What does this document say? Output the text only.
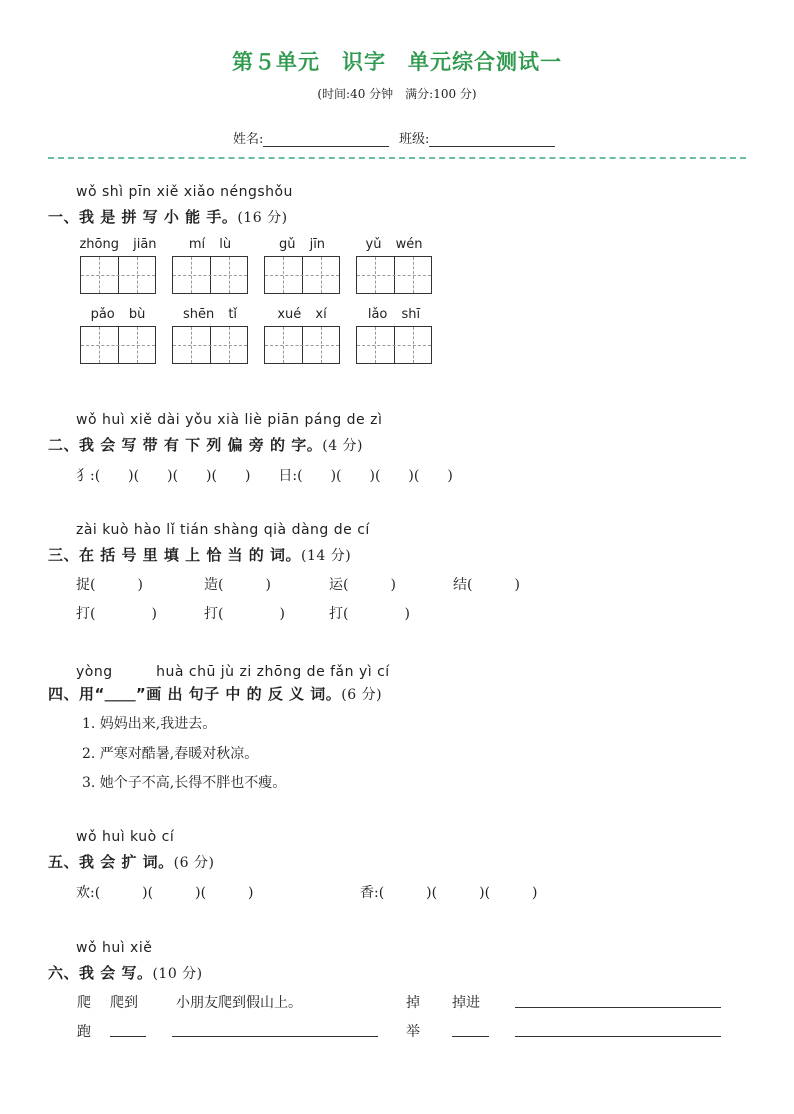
第５单元　识字　单元综合测试一
(时间:40 分钟　满分:100 分)
姓名:	班级:
wǒ shì pīn xiě xiǎo néngshǒu
一、我 是 拼 写 小 能 手。(16 分)
zhōng jiān	mí lù	gǔ jīn	yǔ wén
pǎo bù	shēn tǐ	xué xí	lǎo shī
wǒ huì xiě dài yǒu xià liè piān páng de zì
二、我 会 写 带 有 下 列 偏 旁 的 字。(4 分)
犭:(　　)(　　)(　　)(　　)　　日:(　　)(　　)(　　)(　　)
zài kuò hào lǐ tián shàng qià dàng de cí
三、在 括 号 里 填 上 恰 当 的 词。(14 分)
捉(　　　)	造(　　　)	运(　　　)	结(　　　)
打(　　　　)	打(　　　　)	打(　　　　)
yòng　　　huà chū jù zi zhōng de fǎn yì cí
四、用“＿＿”画 出 句子 中 的 反 义 词。(6 分)
1. 妈妈出来,我进去。
2. 严寒对酷暑,春暖对秋凉。
3. 她个子不高,长得不胖也不瘦。
wǒ huì kuò cí
五、我 会 扩 词。(6 分)
欢:(　　　)(　　　)(　　　)	香:(　　　)(　　　)(　　　)
wǒ huì xiě
六、我 会 写。(10 分)
爬 爬到	小朋友爬到假山上。	掉 掉进
跑	举
